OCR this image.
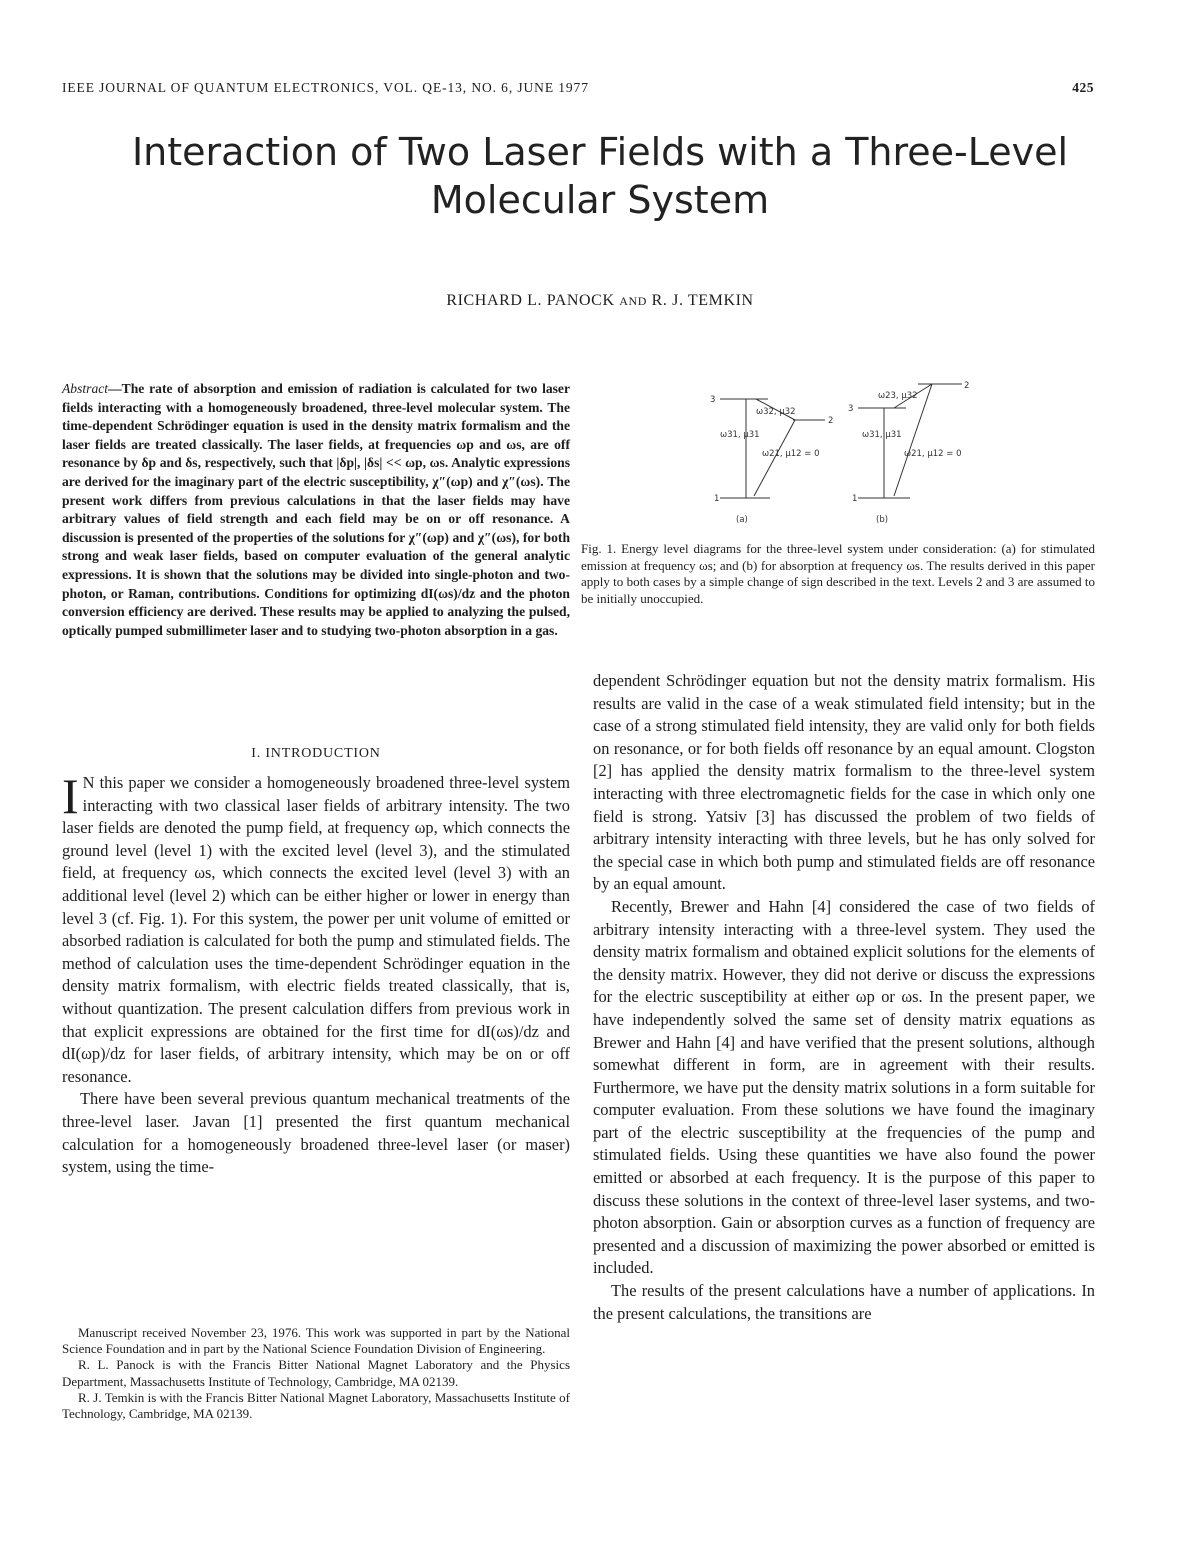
IEEE JOURNAL OF QUANTUM ELECTRONICS, VOL. QE-13, NO. 6, JUNE 1977	425
Interaction of Two Laser Fields with a Three-Level
Molecular System
RICHARD L. PANOCK AND R. J. TEMKIN
Abstract—The rate of absorption and emission of radiation is calculated for two laser fields interacting with a homogeneously broadened, three-level molecular system. The time-dependent Schrödinger equation is used in the density matrix formalism and the laser fields are treated classically. The laser fields, at frequencies ωp and ωs, are off resonance by δp and δs, respectively, such that |δp|, |δs| << ωp, ωs. Analytic expressions are derived for the imaginary part of the electric susceptibility, χ″(ωp) and χ″(ωs). The present work differs from previous calculations in that the laser fields may have arbitrary values of field strength and each field may be on or off resonance. A discussion is presented of the properties of the solutions for χ″(ωp) and χ″(ωs), for both strong and weak laser fields, based on computer evaluation of the general analytic expressions. It is shown that the solutions may be divided into single-photon and two-photon, or Raman, contributions. Conditions for optimizing dI(ωs)/dz and the photon conversion efficiency are derived. These results may be applied to analyzing the pulsed, optically pumped submillimeter laser and to studying two-photon absorption in a gas.
I. INTRODUCTION

I N this paper we consider a homogeneously broadened three-level system interacting with two classical laser fields of arbitrary intensity. The two laser fields are denoted the pump field, at frequency ωp, which connects the ground level (level 1) with the excited level (level 3), and the stimulated field, at frequency ωs, which connects the excited level (level 3) with an additional level (level 2) which can be either higher or lower in energy than level 3 (cf. Fig. 1). For this system, the power per unit volume of emitted or absorbed radiation is calculated for both the pump and stimulated fields. The method of calculation uses the time-dependent Schrödinger equation in the density matrix formalism, with electric fields treated classically, that is, without quantization. The present calculation differs from previous work in that explicit expressions are obtained for the first time for dI(ωs)/dz and dI(ωp)/dz for laser fields, of arbitrary intensity, which may be on or off resonance.

There have been several previous quantum mechanical treatments of the three-level laser. Javan [1] presented the first quantum mechanical calculation for a homogeneously broadened three-level laser (or maser) system, using the time-

Manuscript received November 23, 1976. This work was supported in part by the National Science Foundation and in part by the National Science Foundation Division of Engineering.

R. L. Panock is with the Francis Bitter National Magnet Laboratory and the Physics Department, Massachusetts Institute of Technology, Cambridge, MA 02139.

R. J. Temkin is with the Francis Bitter National Magnet Laboratory, Massachusetts Institute of Technology, Cambridge, MA 02139.

3
1
2
ω32, μ32
ω31, μ31
ω21, μ12 = 0
(a)
2
3
1
ω23, μ32
ω31, μ31
ω21, μ12 = 0
(b)
Fig. 1. Energy level diagrams for the three-level system under consideration: (a) for stimulated emission at frequency ωs; and (b) for absorption at frequency ωs. The results derived in this paper apply to both cases by a simple change of sign described in the text. Levels 2 and 3 are assumed to be initially unoccupied.

dependent Schrödinger equation but not the density matrix formalism. His results are valid in the case of a weak stimulated field intensity; but in the case of a strong stimulated field intensity, they are valid only for both fields on resonance, or for both fields off resonance by an equal amount. Clogston [2] has applied the density matrix formalism to the three-level system interacting with three electromagnetic fields for the case in which only one field is strong. Yatsiv [3] has discussed the problem of two fields of arbitrary intensity interacting with three levels, but he has only solved for the special case in which both pump and stimulated fields are off resonance by an equal amount.

Recently, Brewer and Hahn [4] considered the case of two fields of arbitrary intensity interacting with a three-level system. They used the density matrix formalism and obtained explicit solutions for the elements of the density matrix. However, they did not derive or discuss the expressions for the electric susceptibility at either ωp or ωs. In the present paper, we have independently solved the same set of density matrix equations as Brewer and Hahn [4] and have verified that the present solutions, although somewhat different in form, are in agreement with their results. Furthermore, we have put the density matrix solutions in a form suitable for computer evaluation. From these solutions we have found the imaginary part of the electric susceptibility at the frequencies of the pump and stimulated fields. Using these quantities we have also found the power emitted or absorbed at each frequency. It is the purpose of this paper to discuss these solutions in the context of three-level laser systems, and two-photon absorption. Gain or absorption curves as a function of frequency are presented and a discussion of maximizing the power absorbed or emitted is included.

The results of the present calculations have a number of applications. In the present calculations, the transitions are
